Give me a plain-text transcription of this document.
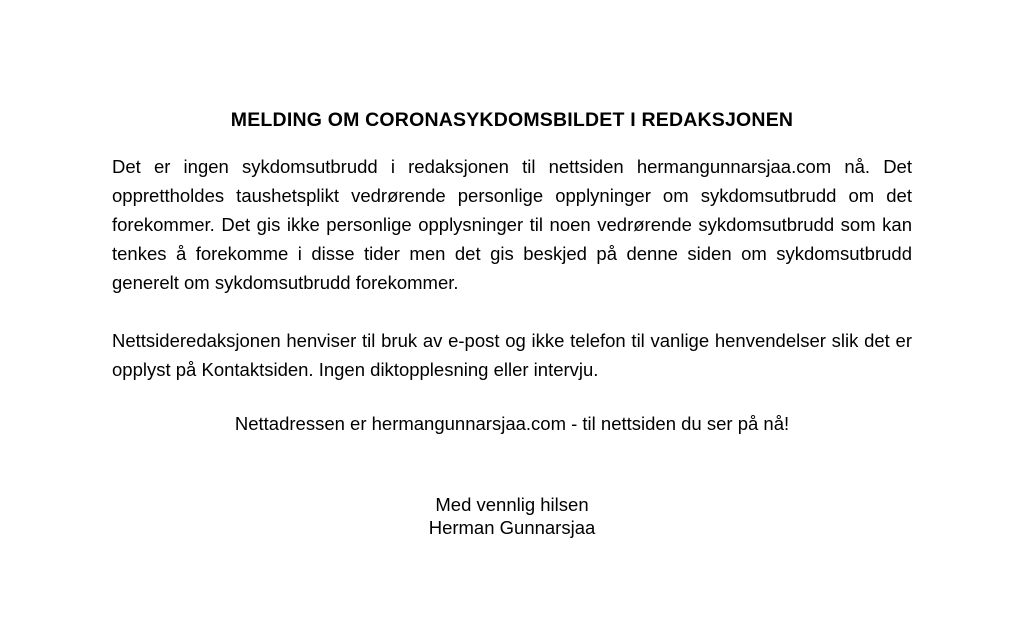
MELDING OM CORONASYKDOMSBILDET I REDAKSJONEN

Det er ingen sykdomsutbrudd i redaksjonen til nettsiden hermangunnarsjaa.com nå. Det opprettholdes taushetsplikt vedrørende personlige opplyninger om sykdomsutbrudd om det forekommer. Det gis ikke personlige opplysninger til noen vedrørende sykdomsutbrudd som kan tenkes å forekomme i disse tider men det gis beskjed på denne siden om sykdomsutbrudd generelt om sykdomsutbrudd forekommer.

Nettsideredaksjonen henviser til bruk av e-post og ikke telefon til vanlige henvendelser slik det er opplyst på Kontaktsiden. Ingen diktopplesning eller intervju.

Nettadressen er hermangunnarsjaa.com - til nettsiden du ser på nå!

Med vennlig hilsen
Herman Gunnarsjaa
